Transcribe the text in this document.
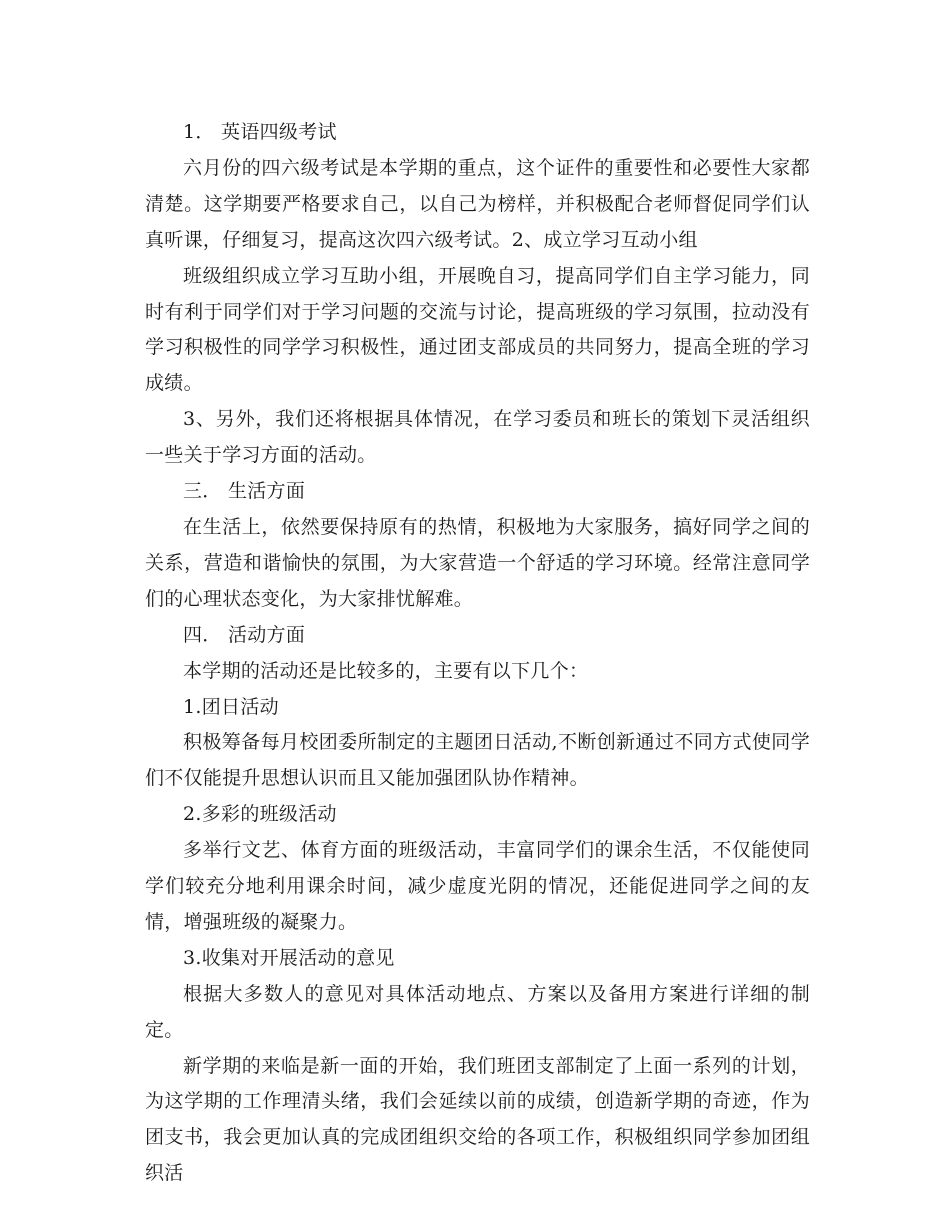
1． 英语四级考试

六月份的四六级考试是本学期的重点，这个证件的重要性和必要性大家都清楚。这学期要严格要求自己，以自己为榜样，并积极配合老师督促同学们认真听课，仔细复习，提高这次四六级考试。2、成立学习互动小组

班级组织成立学习互助小组，开展晚自习，提高同学们自主学习能力，同时有利于同学们对于学习问题的交流与讨论，提高班级的学习氛围，拉动没有学习积极性的同学学习积极性，通过团支部成员的共同努力，提高全班的学习成绩。

3、另外，我们还将根据具体情况，在学习委员和班长的策划下灵活组织一些关于学习方面的活动。

三． 生活方面

在生活上，依然要保持原有的热情，积极地为大家服务，搞好同学之间的关系，营造和谐愉快的氛围，为大家营造一个舒适的学习环境。经常注意同学们的心理状态变化，为大家排忧解难。

四． 活动方面

本学期的活动还是比较多的，主要有以下几个：

1.团日活动

积极筹备每月校团委所制定的主题团日活动,不断创新通过不同方式使同学们不仅能提升思想认识而且又能加强团队协作精神。

2.多彩的班级活动

多举行文艺、体育方面的班级活动，丰富同学们的课余生活，不仅能使同学们较充分地利用课余时间，减少虚度光阴的情况，还能促进同学之间的友情，增强班级的凝聚力。

3.收集对开展活动的意见

根据大多数人的意见对具体活动地点、方案以及备用方案进行详细的制定。

新学期的来临是新一面的开始，我们班团支部制定了上面一系列的计划，为这学期的工作理清头绪，我们会延续以前的成绩，创造新学期的奇迹，作为团支书，我会更加认真的完成团组织交给的各项工作，积极组织同学参加团组织活
